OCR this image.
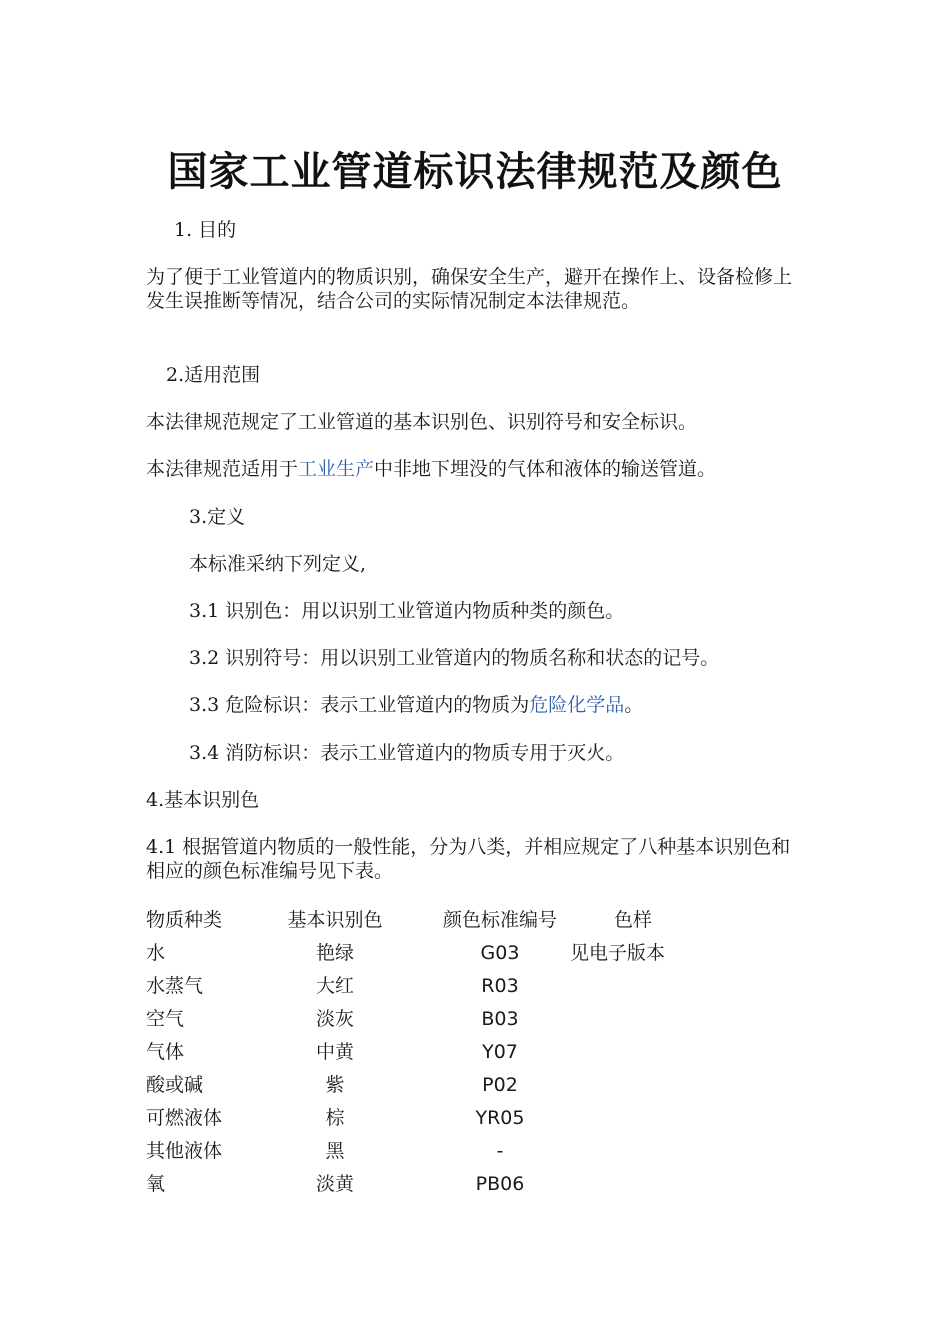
国家工业管道标识法律规范及颜色

1. 目的

为了便于工业管道内的物质识别，确保安全生产，避开在操作上、设备检修上发生误推断等情况，结合公司的实际情况制定本法律规范。

2.适用范围

本法律规范规定了工业管道的基本识别色、识别符号和安全标识。

本法律规范适用于工业生产中非地下埋没的气体和液体的输送管道。

3.定义

本标准采纳下列定义,

3.1 识别色：用以识别工业管道内物质种类的颜色。

3.2 识别符号：用以识别工业管道内的物质名称和状态的记号。

3.3 危险标识：表示工业管道内的物质为危险化学品。

3.4 消防标识：表示工业管道内的物质专用于灭火。

4.基本识别色

4.1 根据管道内物质的一般性能，分为八类，并相应规定了八种基本识别色和相应的颜色标准编号见下表。

物质种类	基本识别色	颜色标准编号	色样
水	艳绿	G03	见电子版本
水蒸气	大红	R03
空气	淡灰	B03
气体	中黄	Y07
酸或碱	紫	P02
可燃液体	棕	YR05
其他液体	黑	-
氧	淡黄	PB06
